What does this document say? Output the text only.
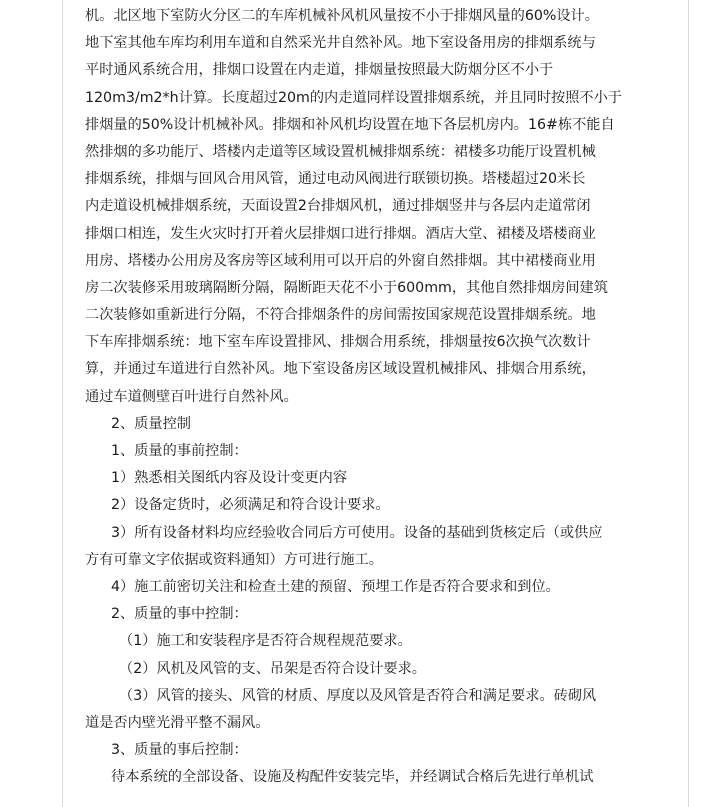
机。北区地下室防火分区二的车库机械补风机风量按不小于排烟风量的60%设计。
地下室其他车库均利用车道和自然采光井自然补风。地下室设备用房的排烟系统与
平时通风系统合用，排烟口设置在内走道，排烟量按照最大防烟分区不小于
120m3/m2*h计算。长度超过20m的内走道同样设置排烟系统，并且同时按照不小于
排烟量的50%设计机械补风。排烟和补风机均设置在地下各层机房内。16#栋不能自
然排烟的多功能厅、塔楼内走道等区域设置机械排烟系统：裙楼多功能厅设置机械
排烟系统，排烟与回风合用风管，通过电动风阀进行联锁切换。塔楼超过20米长
内走道设机械排烟系统，天面设置2台排烟风机，通过排烟竖井与各层内走道常闭
排烟口相连，发生火灾时打开着火层排烟口进行排烟。酒店大堂、裙楼及塔楼商业
用房、塔楼办公用房及客房等区域利用可以开启的外窗自然排烟。其中裙楼商业用
房二次装修采用玻璃隔断分隔，隔断距天花不小于600mm，其他自然排烟房间建筑
二次装修如重新进行分隔，不符合排烟条件的房间需按国家规范设置排烟系统。地
下车库排烟系统：地下室车库设置排风、排烟合用系统，排烟量按6次换气次数计
算，并通过车道进行自然补风。地下室设备房区域设置机械排风、排烟合用系统，
通过车道侧壁百叶进行自然补风。

2、质量控制
1、质量的事前控制：
1）熟悉相关图纸内容及设计变更内容
2）设备定货时，必须满足和符合设计要求。
3）所有设备材料均应经验收合同后方可使用。设备的基础到货核定后（或供应
方有可靠文字依据或资料通知）方可进行施工。
4）施工前密切关注和检查土建的预留、预埋工作是否符合要求和到位。
2、质量的事中控制：
（1）施工和安装程序是否符合规程规范要求。
（2）风机及风管的支、吊架是否符合设计要求。
（3）风管的接头、风管的材质、厚度以及风管是否符合和满足要求。砖砌风
道是否内壁光滑平整不漏风。
3、质量的事后控制：
待本系统的全部设备、设施及构配件安装完毕，并经调试合格后先进行单机试
